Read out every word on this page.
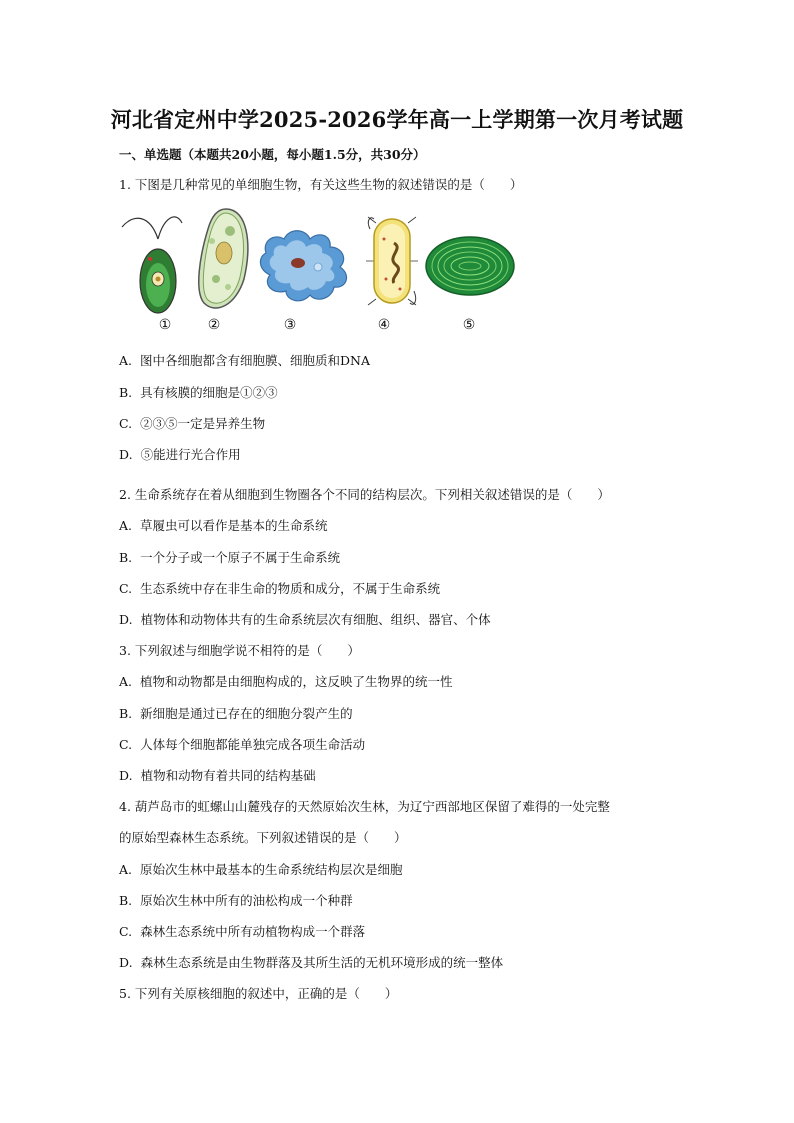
河北省定州中学2025-2026学年高一上学期第一次月考试题
一、单选题（本题共20小题，每小题1.5分，共30分）
1. 下图是几种常见的单细胞生物，有关这些生物的叙述错误的是（　　）
①	②	③	④	⑤
A. 图中各细胞都含有细胞膜、细胞质和DNA
B. 具有核膜的细胞是①②③
C. ②③⑤一定是异养生物
D. ⑤能进行光合作用
2. 生命系统存在着从细胞到生物圈各个不同的结构层次。下列相关叙述错误的是（　　）
A. 草履虫可以看作是基本的生命系统
B. 一个分子或一个原子不属于生命系统
C. 生态系统中存在非生命的物质和成分，不属于生命系统
D. 植物体和动物体共有的生命系统层次有细胞、组织、器官、个体
3. 下列叙述与细胞学说不相符的是（　　）
A. 植物和动物都是由细胞构成的，这反映了生物界的统一性
B. 新细胞是通过已存在的细胞分裂产生的
C. 人体每个细胞都能单独完成各项生命活动
D. 植物和动物有着共同的结构基础
4. 葫芦岛市的虹螺山山麓残存的天然原始次生林，为辽宁西部地区保留了难得的一处完整
的原始型森林生态系统。下列叙述错误的是（　　）
A. 原始次生林中最基本的生命系统结构层次是细胞
B. 原始次生林中所有的油松构成一个种群
C. 森林生态系统中所有动植物构成一个群落
D. 森林生态系统是由生物群落及其所生活的无机环境形成的统一整体
5. 下列有关原核细胞的叙述中，正确的是（　　）
